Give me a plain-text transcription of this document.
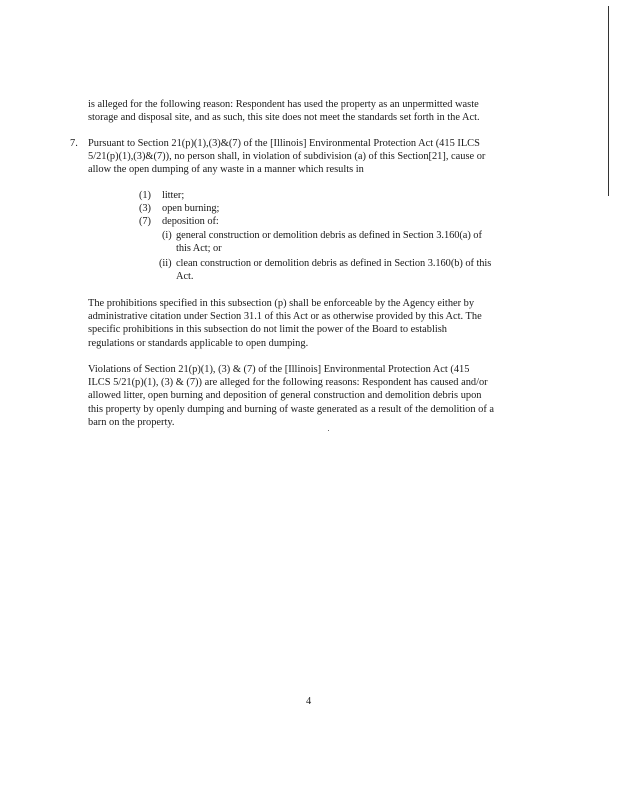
is alleged for the following reason: Respondent has used the property as an unpermitted waste
storage and disposal site, and as such, this site does not meet the standards set forth in the Act.
7. Pursuant to Section 21(p)(1),(3)&(7) of the [Illinois] Environmental Protection Act (415 ILCS
5/21(p)(1),(3)&(7)), no person shall, in violation of subdivision (a) of this Section[21], cause or
allow the open dumping of any waste in a manner which results in
(1) litter;
(3) open burning;
(7) deposition of:
(i) general construction or demolition debris as defined in Section 3.160(a) of
this Act; or
(ii) clean construction or demolition debris as defined in Section 3.160(b) of this
Act.
The prohibitions specified in this subsection (p) shall be enforceable by the Agency either by
administrative citation under Section 31.1 of this Act or as otherwise provided by this Act. The
specific prohibitions in this subsection do not limit the power of the Board to establish
regulations or standards applicable to open dumping.
Violations of Section 21(p)(1), (3) & (7) of the [Illinois] Environmental Protection Act (415
ILCS 5/21(p)(1), (3) & (7)) are alleged for the following reasons: Respondent has caused and/or
allowed litter, open burning and deposition of general construction and demolition debris upon
this property by openly dumping and burning of waste generated as a result of the demolition of a
barn on the property.
4
